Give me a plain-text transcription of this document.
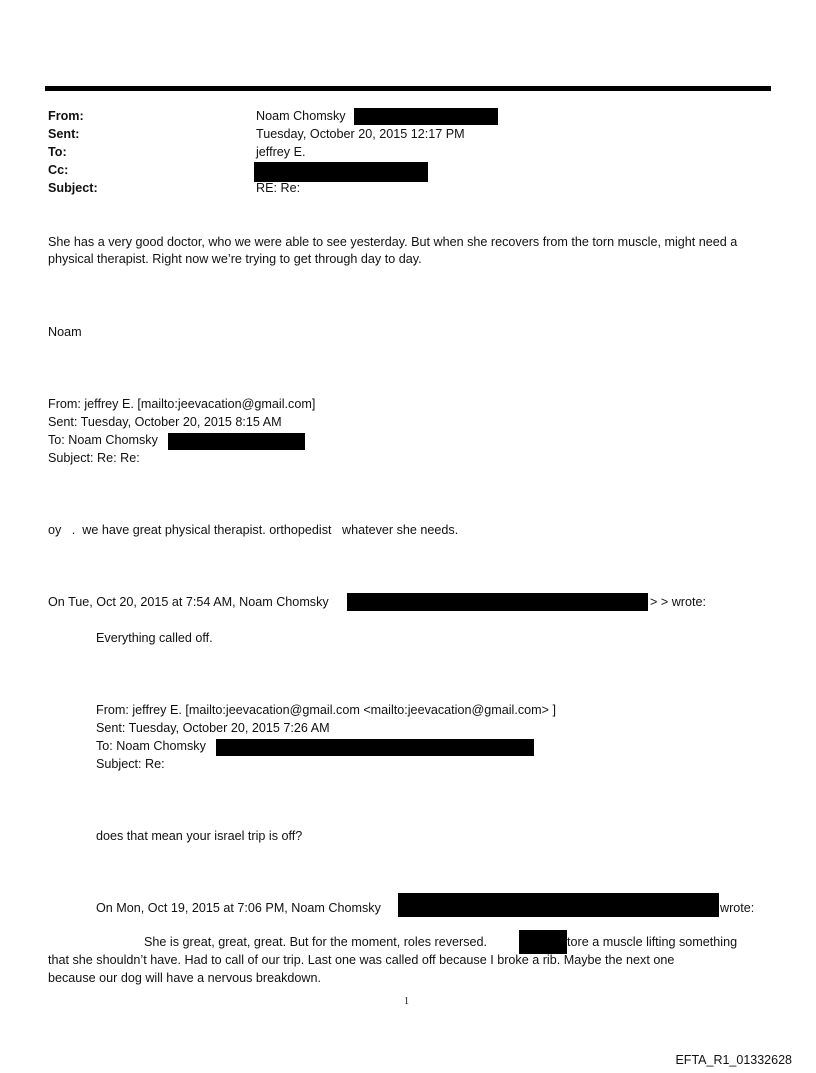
From:	Noam Chomsky
Sent:	Tuesday, October 20, 2015 12:17 PM
To:	jeffrey E.
Cc:
Subject:	RE: Re:
She has a very good doctor, who we were able to see yesterday. But when she recovers from the torn muscle, might need a physical therapist. Right now we’re trying to get through day to day.
Noam
From: jeffrey E. [mailto:jeevacation@gmail.com]
Sent: Tuesday, October 20, 2015 8:15 AM
To: Noam Chomsky
Subject: Re: Re:
oy   .  we have great physical therapist. orthopedist   whatever she needs.
On Tue, Oct 20, 2015 at 7:54 AM, Noam Chomsky	> > wrote:
Everything called off.
From: jeffrey E. [mailto:jeevacation@gmail.com <mailto:jeevacation@gmail.com> ]
Sent: Tuesday, October 20, 2015 7:26 AM
To: Noam Chomsky
Subject: Re:
does that mean your israel trip is off?
On Mon, Oct 19, 2015 at 7:06 PM, Noam Chomsky	wrote:
She is great, great, great. But for the moment, roles reversed.	tore a muscle lifting something
that she shouldn’t have. Had to call of our trip. Last one was called off because I broke a rib. Maybe the next one
because our dog will have a nervous breakdown.
1
EFTA_R1_01332628
